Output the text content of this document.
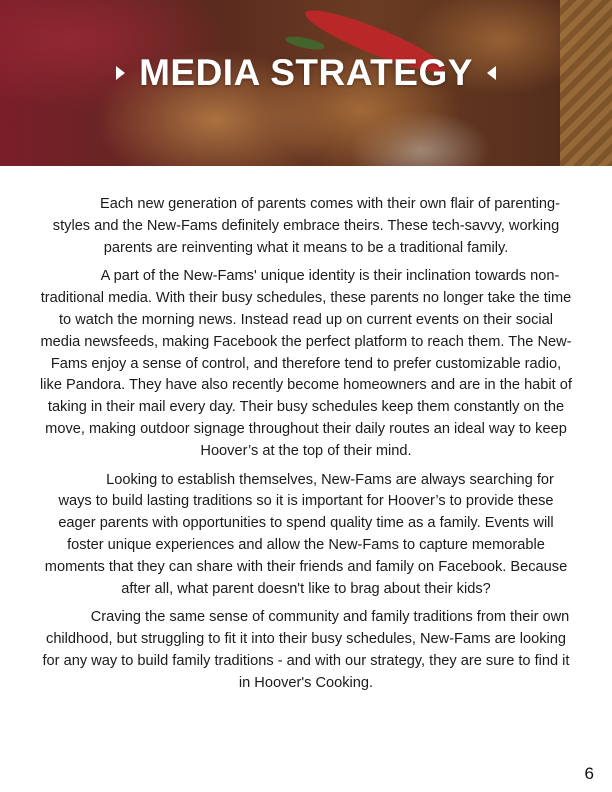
MEDIA STRATEGY

Each new generation of parents comes with their own flair of parenting-styles and the New-Fams definitely embrace theirs. These tech-savvy, working parents are reinventing what it means to be a traditional family.

A part of the New-Fams' unique identity is their inclination towards non-traditional media. With their busy schedules, these parents no longer take the time to watch the morning news. Instead read up on current events on their social media newsfeeds, making Facebook the perfect platform to reach them. The New-Fams enjoy a sense of control, and therefore tend to prefer customizable radio, like Pandora. They have also recently become homeowners and are in the habit of taking in their mail every day. Their busy schedules keep them constantly on the move, making outdoor signage throughout their daily routes an ideal way to keep Hoover’s at the top of their mind.

Looking to establish themselves, New-Fams are always searching for ways to build lasting traditions so it is important for Hoover’s to provide these eager parents with opportunities to spend quality time as a family. Events will foster unique experiences and allow the New-Fams to capture memorable moments that they can share with their friends and family on Facebook. Because after all, what parent doesn't like to brag about their kids?

Craving the same sense of community and family traditions from their own childhood, but struggling to fit it into their busy schedules, New-Fams are looking for any way to build family traditions - and with our strategy, they are sure to find it in Hoover's Cooking.

6
